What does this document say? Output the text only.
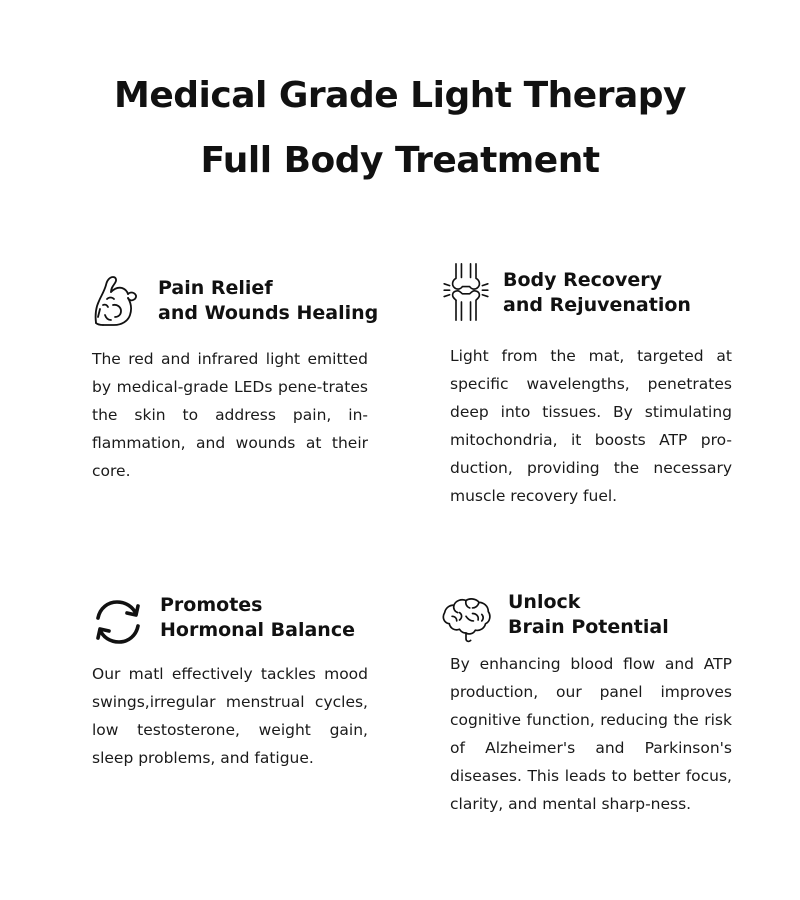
Medical Grade Light Therapy
Full Body Treatment
Pain Relief
and Wounds Healing

The red and infrared light emitted by medical-grade LEDs pene-trates the skin to address pain, in-flammation, and wounds at their core.

Body Recovery
and Rejuvenation

Light from the mat, targeted at specific wavelengths, penetrates deep into tissues. By stimulating mitochondria, it boosts ATP pro-duction, providing the necessary muscle recovery fuel.

Promotes
Hormonal Balance

Our matl effectively tackles mood swings,irregular menstrual cycles, low testosterone, weight gain, sleep problems, and fatigue.

Unlock
Brain Potential

By enhancing blood flow and ATP production, our panel improves cognitive function, reducing the risk of Alzheimer's and Parkinson's diseases. This leads to better focus, clarity, and mental sharp-ness.
